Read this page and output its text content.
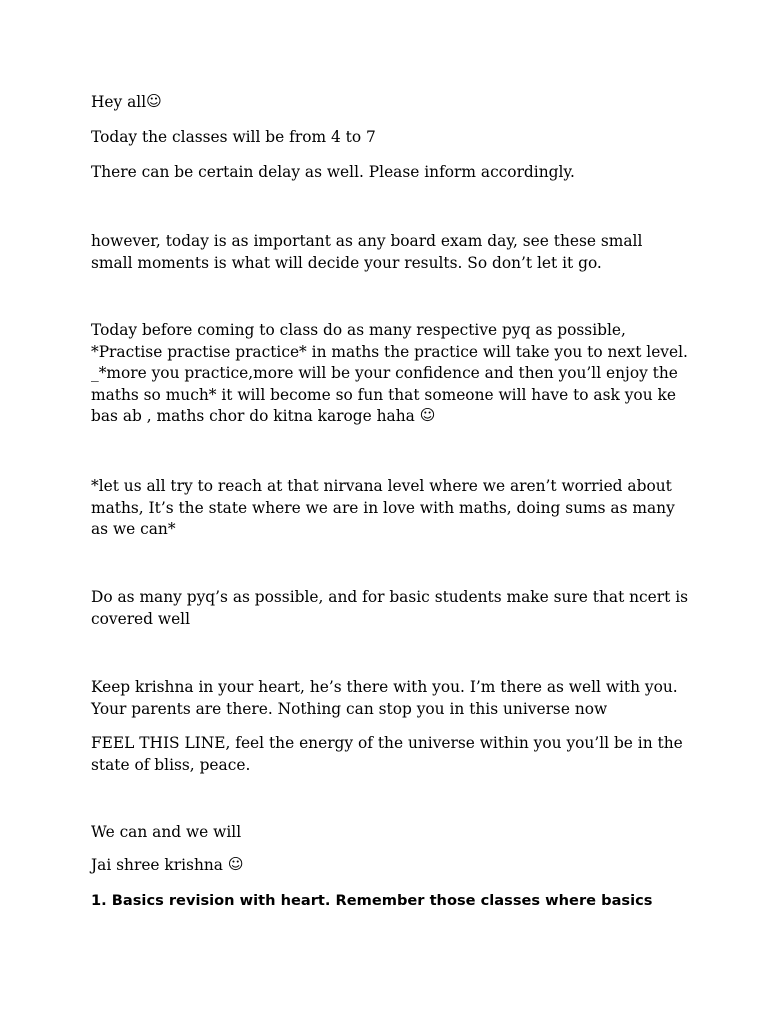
Hey all☺

Today the classes will be from 4 to 7

There can be certain delay as well. Please inform accordingly.

however, today is as important as any board exam day, see these small
small moments is what will decide your results. So don’t let it go.

Today before coming to class do as many respective pyq as possible,
*Practise practise practice* in maths the practice will take you to next level.
_*more you practice,more will be your confidence and then you’ll enjoy the
maths so much* it will become so fun that someone will have to ask you ke
bas ab , maths chor do kitna karoge haha ☺

*let us all try to reach at that nirvana level where we aren’t worried about
maths, It’s the state where we are in love with maths, doing sums as many
as we can*

Do as many pyq’s as possible, and for basic students make sure that ncert is
covered well

Keep krishna in your heart, he’s there with you. I’m there as well with you.
Your parents are there. Nothing can stop you in this universe now

FEEL THIS LINE, feel the energy of the universe within you you’ll be in the
state of bliss, peace.

We can and we will

Jai shree krishna ☺

1. Basics revision with heart. Remember those classes where basics
